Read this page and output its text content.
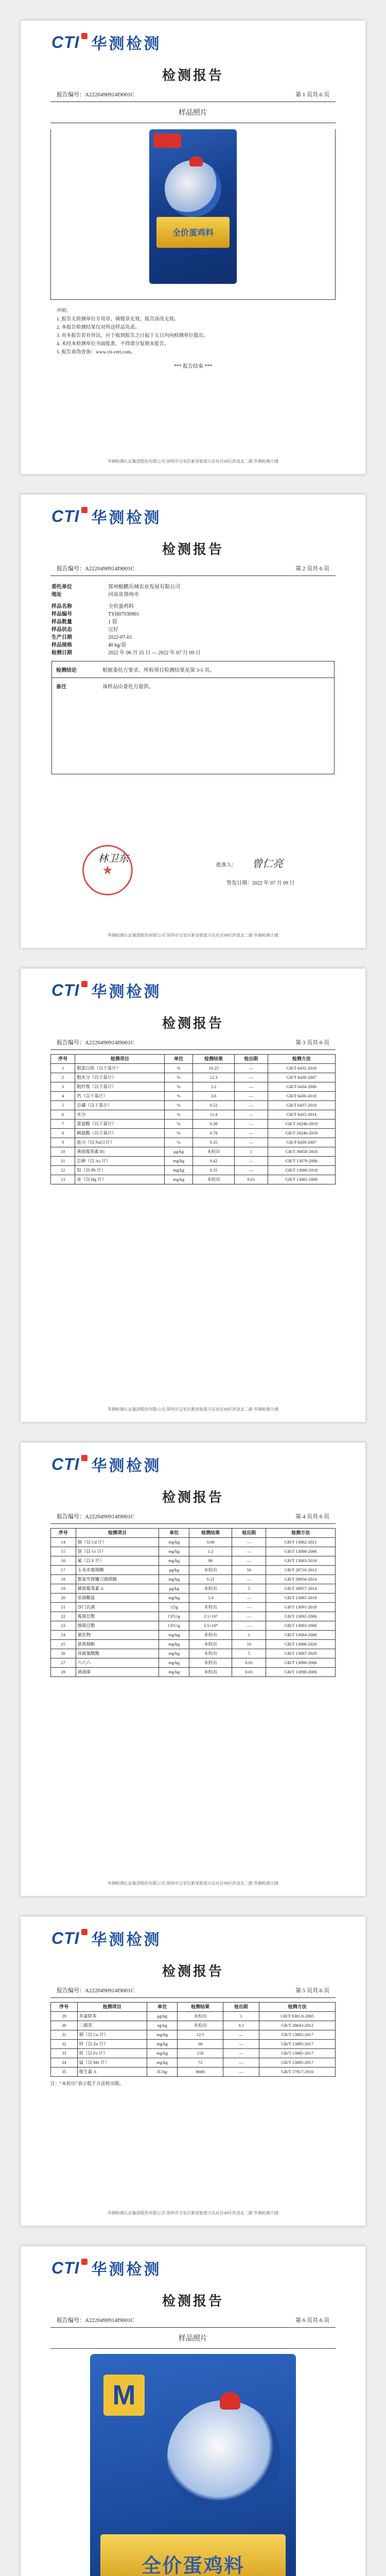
CTI 华测检测
检测报告
报告编号：A2220490914I9001C	第 1 页共 6 页
样品照片
全价蛋鸡料
声明：
1. 报告无检测单位专用章、骑缝章无效，报告涂改无效。
2. 本报告检测结果仅对所送样品负责。
3. 对本报告若有异议，应于收到报告之日起十五日内向检测单位提出。
4. 未经本检测单位书面批准，不得部分复制本报告。
5. 报告真伪查询：www.cti-cert.com。
*** 报告结束 ***
华测检测认证集团股份有限公司 深圳市宝安区新安街道兴东社区69区洪浪北二路 华测检测大楼
CTI 华测检测
检测报告
报告编号：A2220490914I9001C	第 2 页共 6 页
委托单位	郑州鲲鹏乐城农业发展有限公司
地址	河南省郑州市
样品名称	全价蛋鸡料
样品编号	TYH07930901
样品数量	1 袋
样品状态	完好
生产日期	2022-07-01
样品规格	40 kg/袋
检测日期	2022 年 06 月 25 日 — 2022 年 07 月 09 日
检测结论	根据委托方要求，所检项目检测结果见第 3-5 页。
备注	该样品由委托方提供。
★
林卫东	曾仁亮
批准人：
签发日期：2022 年 07 月 09 日
华测检测认证集团股份有限公司 深圳市宝安区新安街道兴东社区69区洪浪北二路 华测检测大楼
CTI 华测检测
检测报告
报告编号：A2220490914I9001C	第 3 页共 6 页
序号	检测项目	单位	检测结果	检出限	检测方法
1	粗蛋白质（以干基计）	%	16.25	—	GB/T 6432-2018
2	粗灰分（以干基计）	%	12.3	—	GB/T 6438-2007
3	粗纤维（以干基计）	%	3.2	—	GB/T 6434-2006
4	钙（以干基计）	%	3.6	—	GB/T 6436-2018
5	总磷（以干基计）	%	0.52	—	GB/T 6437-2018
6	水分	%	11.4	—	GB/T 6435-2014
7	蛋氨酸（以干基计）	%	0.38	—	GB/T 18246-2019
8	赖氨酸（以干基计）	%	0.78	—	GB/T 18246-2019
9	盐分（以 NaCl 计）	%	0.35	—	GB/T 6439-2007
10	黄曲霉毒素 B1	μg/kg	未检出	1	GB/T 36858-2018
11	总砷（以 As 计）	mg/kg	0.42	—	GB/T 13079-2006
12	铅（以 Pb 计）	mg/kg	0.35	—	GB/T 13080-2018
13	汞（以 Hg 计）	mg/kg	未检出	0.01	GB/T 13081-2006
华测检测认证集团股份有限公司 深圳市宝安区新安街道兴东社区69区洪浪北二路 华测检测大楼
CTI 华测检测
检测报告
报告编号：A2220490914I9001C	第 4 页共 6 页
序号	检测项目	单位	检测结果	检出限	检测方法
14	镉（以 Cd 计）	mg/kg	0.06	—	GB/T 13082-2021
15	铬（以 Cr 计）	mg/kg	1.2	—	GB/T 13088-2006
16	氟（以 F 计）	mg/kg	86	—	GB/T 13083-2018
17	玉米赤霉烯酮	μg/kg	未检出	50	GB/T 28716-2012
18	脱氧雪腐镰刀菌烯醇	mg/kg	0.21	—	GB/T 30956-2014
19	赭曲霉毒素 A	μg/kg	未检出	5	GB/T 30957-2014
20	亚硝酸盐	mg/kg	3.4	—	GB/T 13085-2018
21	沙门氏菌	/25g	未检出	—	GB/T 13091-2018
22	霉菌总数	CFU/g	2.1×10³	—	GB/T 13092-2006
23	细菌总数	CFU/g	3.5×10⁴	—	GB/T 13093-2006
24	氰化物	mg/kg	未检出	1	GB/T 13084-2006
25	游离棉酚	mg/kg	未检出	10	GB/T 13086-2020
26	异硫氰酸酯	mg/kg	未检出	5	GB/T 13087-2020
27	六六六	mg/kg	未检出	0.01	GB/T 13090-2006
28	滴滴涕	mg/kg	未检出	0.01	GB/T 13090-2006
华测检测认证集团股份有限公司 深圳市宝安区新安街道兴东社区69区洪浪北二路 华测检测大楼
CTI 华测检测
检测报告
报告编号：A2220490914I9001C	第 5 页共 6 页
序号	检测项目	单位	检测结果	检出限	检测方法
29	多氯联苯	μg/kg	未检出	1	GB/T 8381.8-2005
30	二噁英	ng/kg	未检出	0.1	GB/T 28643-2012
31	铜（以 Cu 计）	mg/kg	12.5	—	GB/T 13885-2017
32	锌（以 Zn 计）	mg/kg	68	—	GB/T 13885-2017
33	铁（以 Fe 计）	mg/kg	156	—	GB/T 13885-2017
34	锰（以 Mn 计）	mg/kg	72	—	GB/T 13885-2017
35	维生素 A	IU/kg	8600	—	GB/T 17817-2010
注：“未检出”表示低于方法检出限。
华测检测认证集团股份有限公司 深圳市宝安区新安街道兴东社区69区洪浪北二路 华测检测大楼
CTI 华测检测
检测报告
报告编号：A2220490914I9001C	第 6 页共 6 页
样品照片
M
全价蛋鸡料
